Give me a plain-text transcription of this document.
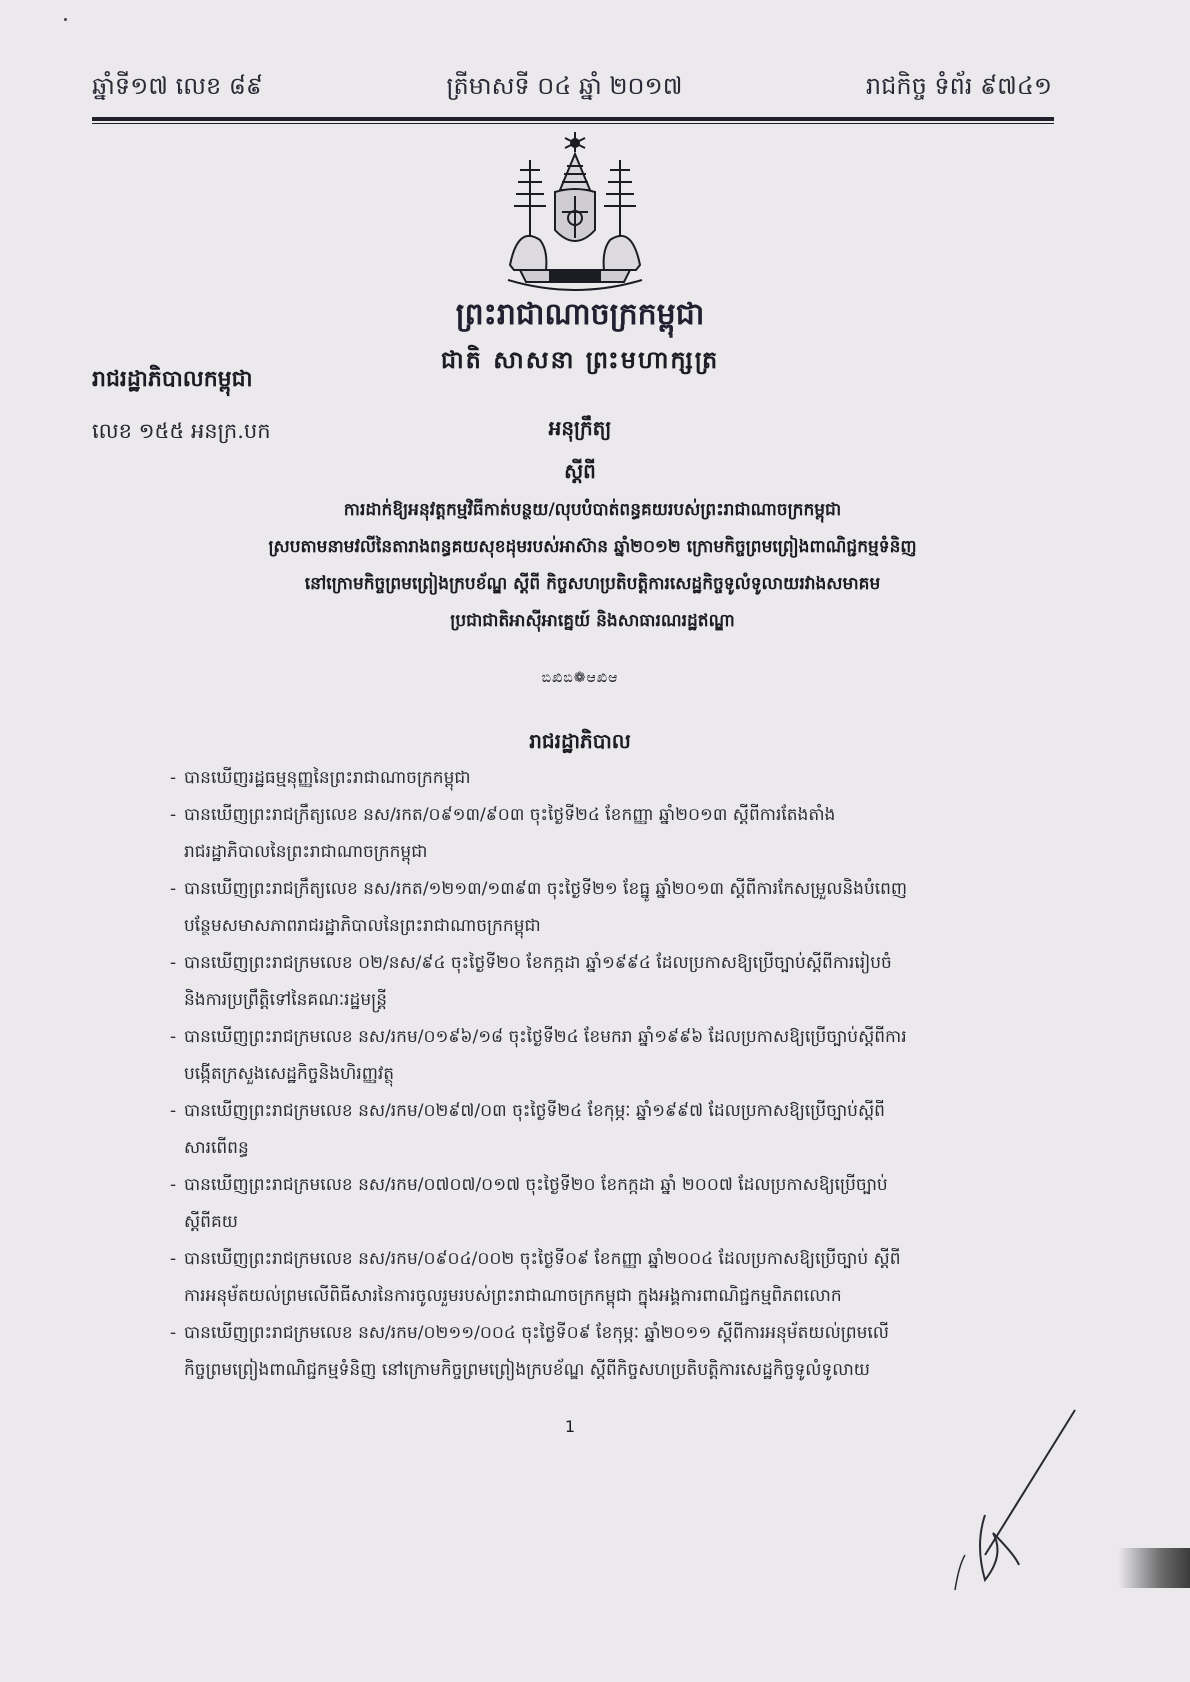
ឆ្នាំទី១៧ លេខ ៨៩	ត្រីមាសទី ០៤ ឆ្នាំ ២០១៧	រាជកិច្ច ទំព័រ ៩៧៤១
ព្រះរាជាណាចក្រកម្ពុជា
ជាតិ សាសនា ព្រះមហាក្សត្រ
រាជរដ្ឋាភិបាលកម្ពុជា
លេខ ១៥៥ អនក្រ.បក	អនុក្រឹត្យ
ស្តីពី
ការដាក់ឱ្យអនុវត្តកម្មវិធីកាត់បន្ថយ/លុបបំបាត់ពន្ធគយរបស់ព្រះរាជាណាចក្រកម្ពុជា
ស្របតាមនាមវលីនៃតារាងពន្ធគយសុខដុមរបស់អាស៊ាន ឆ្នាំ២០១២ ក្រោមកិច្ចព្រមព្រៀងពាណិជ្ជកម្មទំនិញ
នៅក្រោមកិច្ចព្រមព្រៀងក្របខ័ណ្ឌ ស្តីពី កិច្ចសហប្រតិបត្តិការសេដ្ឋកិច្ចទូលំទូលាយរវាងសមាគម
ប្រជាជាតិអាស៊ីអាគ្នេយ៍ និងសាធារណរដ្ឋឥណ្ឌា
ಬಿಖಿಬಿ❁ಆಖಿಆ
រាជរដ្ឋាភិបាល
- បានឃើញរដ្ឋធម្មនុញ្ញនៃព្រះរាជាណាចក្រកម្ពុជា
- បានឃើញព្រះរាជក្រឹត្យលេខ នស/រកត/០៩១៣/៩០៣ ចុះថ្ងៃទី២៤ ខែកញ្ញា ឆ្នាំ២០១៣ ស្តីពីការតែងតាំង
រាជរដ្ឋាភិបាលនៃព្រះរាជាណាចក្រកម្ពុជា
- បានឃើញព្រះរាជក្រឹត្យលេខ នស/រកត/១២១៣/១៣៩៣ ចុះថ្ងៃទី២១ ខែធ្នូ ឆ្នាំ២០១៣ ស្តីពីការកែសម្រួលនិងបំពេញ
បន្ថែមសមាសភាពរាជរដ្ឋាភិបាលនៃព្រះរាជាណាចក្រកម្ពុជា
- បានឃើញព្រះរាជក្រមលេខ ០២/នស/៩៤ ចុះថ្ងៃទី២០ ខែកក្កដា ឆ្នាំ១៩៩៤ ដែលប្រកាសឱ្យប្រើច្បាប់ស្តីពីការរៀបចំ
និងការប្រព្រឹត្តិទៅនៃគណៈរដ្ឋមន្ត្រី
- បានឃើញព្រះរាជក្រមលេខ នស/រកម/០១៩៦/១៨ ចុះថ្ងៃទី២៤ ខែមករា ឆ្នាំ១៩៩៦ ដែលប្រកាសឱ្យប្រើច្បាប់ស្តីពីការ
បង្កើតក្រសួងសេដ្ឋកិច្ចនិងហិរញ្ញវត្ថុ
- បានឃើញព្រះរាជក្រមលេខ នស/រកម/០២៩៧/០៣ ចុះថ្ងៃទី២៤ ខែកុម្ភៈ ឆ្នាំ១៩៩៧ ដែលប្រកាសឱ្យប្រើច្បាប់ស្តីពី
សារពើពន្ធ
- បានឃើញព្រះរាជក្រមលេខ នស/រកម/០៧០៧/០១៧ ចុះថ្ងៃទី២០ ខែកក្កដា ឆ្នាំ ២០០៧ ដែលប្រកាសឱ្យប្រើច្បាប់
ស្តីពីគយ
- បានឃើញព្រះរាជក្រមលេខ នស/រកម/០៩០៤/០០២ ចុះថ្ងៃទី០៩ ខែកញ្ញា ឆ្នាំ២០០៤ ដែលប្រកាសឱ្យប្រើច្បាប់ ស្តីពី
ការអនុម័តយល់ព្រមលើពិធីសារនៃការចូលរួមរបស់ព្រះរាជាណាចក្រកម្ពុជា ក្នុងអង្គការពាណិជ្ជកម្មពិភពលោក
- បានឃើញព្រះរាជក្រមលេខ នស/រកម/០២១១/០០៤ ចុះថ្ងៃទី០៩ ខែកុម្ភៈ ឆ្នាំ២០១១ ស្តីពីការអនុម័តយល់ព្រមលើ
កិច្ចព្រមព្រៀងពាណិជ្ជកម្មទំនិញ នៅក្រោមកិច្ចព្រមព្រៀងក្របខ័ណ្ឌ ស្តីពីកិច្ចសហប្រតិបត្តិការសេដ្ឋកិច្ចទូលំទូលាយ
1
